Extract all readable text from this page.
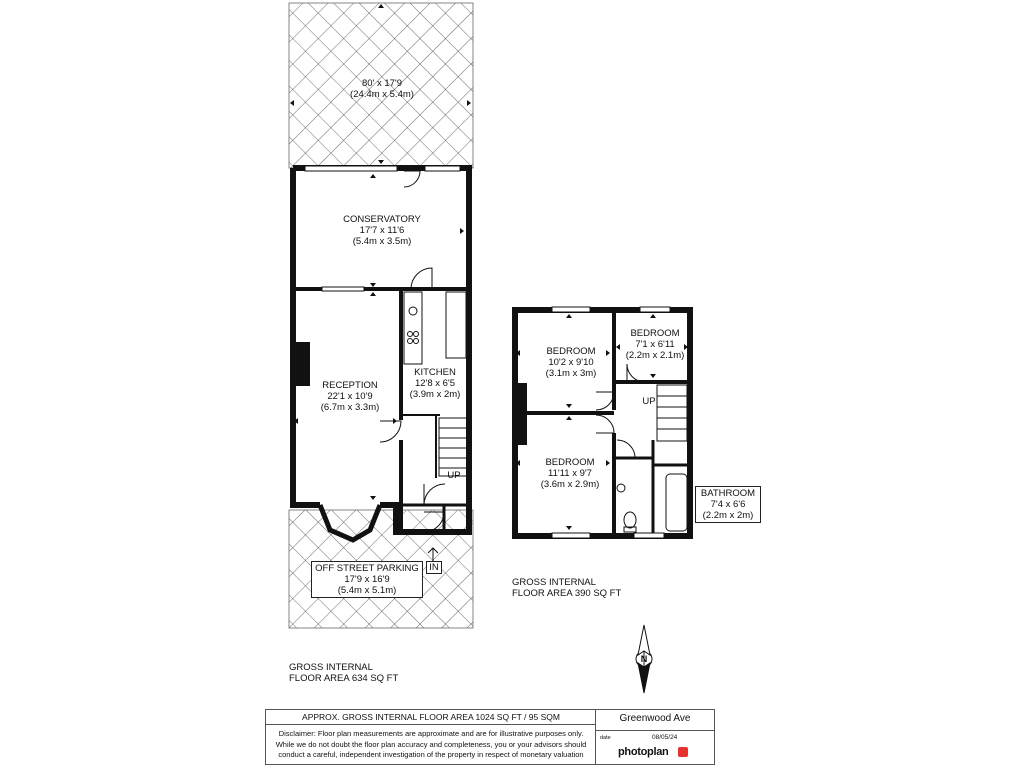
80' x 17'9
(24.4m x 5.4m)
CONSERVATORY
17'7 x 11'6
(5.4m x 3.5m)
RECEPTION
22'1 x 10'9
(6.7m x 3.3m)
KITCHEN
12'8 x 6'5
(3.9m x 2m)
UP
OFF STREET PARKING
17'9 x 16'9
(5.4m x 5.1m)
IN
BEDROOM
10'2 x 9'10
(3.1m x 3m)
BEDROOM
7'1 x 6'11
(2.2m x 2.1m)
UP
BEDROOM
11'11 x 9'7
(3.6m x 2.9m)
BATHROOM
7'4 x 6'6
(2.2m x 2m)
GROSS INTERNAL
FLOOR AREA 390 SQ FT
GROSS INTERNAL
FLOOR AREA 634 SQ FT
N
APPROX. GROSS INTERNAL FLOOR AREA 1024 SQ FT / 95 SQM
Disclaimer: Floor plan measurements are approximate and are for illustrative purposes only.
While we do not doubt the floor plan accuracy and completeness, you or your advisors should
conduct a careful, independent investigation of the property in respect of monetary valuation
Greenwood Ave
date	08/05/24
photoplan
